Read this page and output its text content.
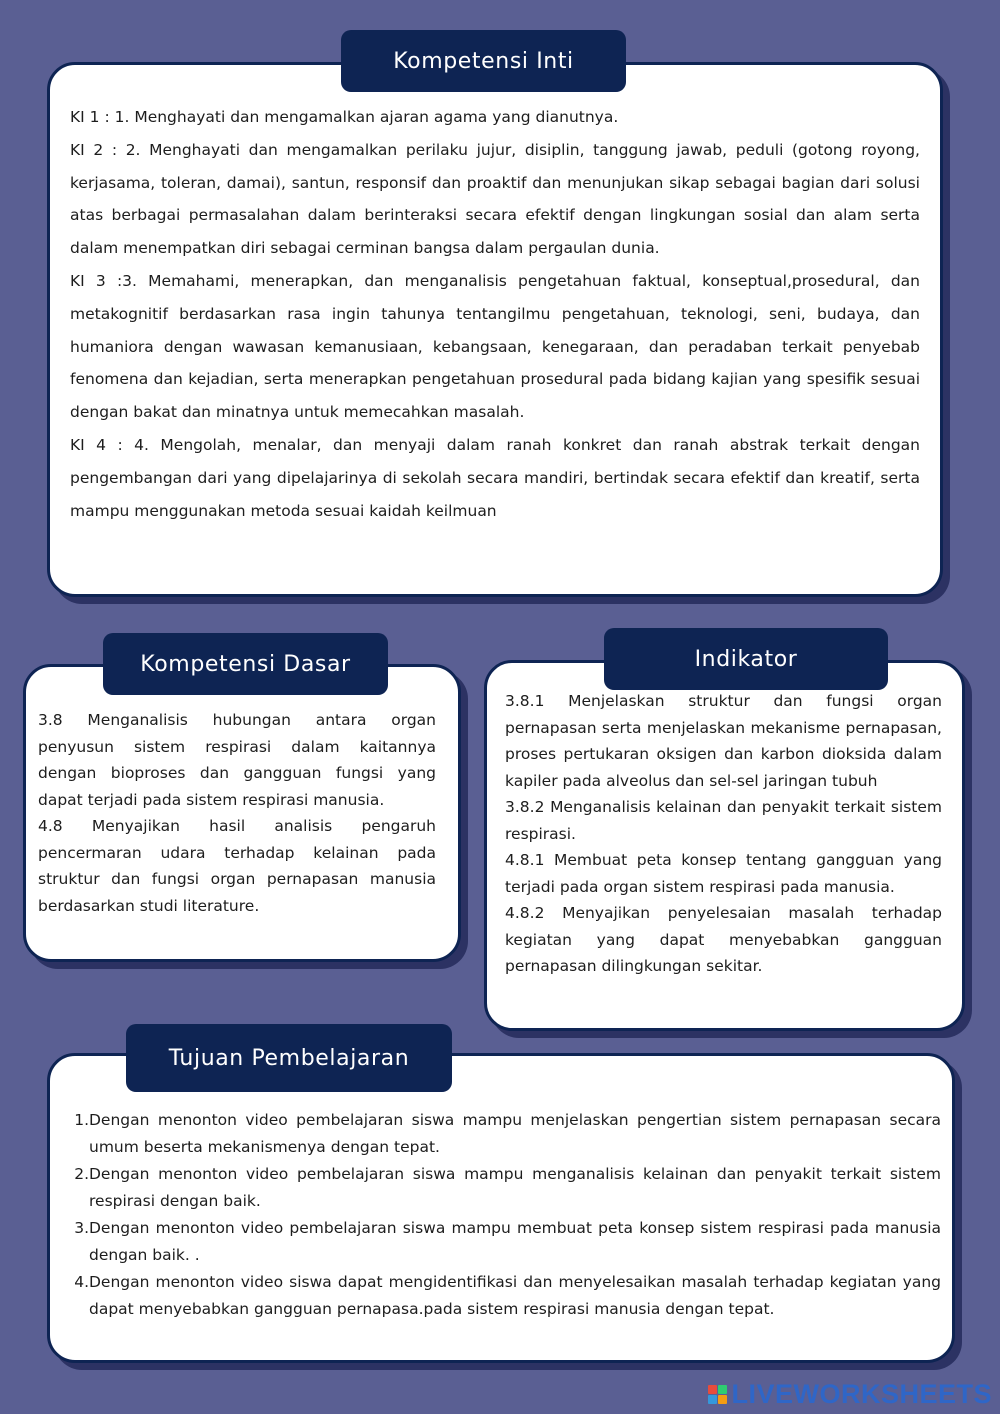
Kompetensi Inti

KI 1 : 1. Menghayati dan mengamalkan ajaran agama yang dianutnya.

KI 2 : 2. Menghayati dan mengamalkan perilaku jujur, disiplin, tanggung jawab, peduli (gotong royong, kerjasama, toleran, damai), santun, responsif dan proaktif dan menunjukan sikap sebagai bagian dari solusi atas berbagai permasalahan dalam berinteraksi secara efektif dengan lingkungan sosial dan alam serta dalam menempatkan diri sebagai cerminan bangsa dalam pergaulan dunia.

KI 3 :3. Memahami, menerapkan, dan menganalisis pengetahuan faktual, konseptual,prosedural, dan metakognitif berdasarkan rasa ingin tahunya tentangilmu pengetahuan, teknologi, seni, budaya, dan humaniora dengan wawasan kemanusiaan, kebangsaan, kenegaraan, dan peradaban terkait penyebab fenomena dan kejadian, serta menerapkan pengetahuan prosedural pada bidang kajian yang spesifik sesuai dengan bakat dan minatnya untuk memecahkan masalah.

KI 4 : 4. Mengolah, menalar, dan menyaji dalam ranah konkret dan ranah abstrak terkait dengan pengembangan dari yang dipelajarinya di sekolah secara mandiri, bertindak secara efektif dan kreatif, serta mampu menggunakan metoda sesuai kaidah keilmuan

Kompetensi Dasar

3.8 Menganalisis hubungan antara organ penyusun sistem respirasi dalam kaitannya dengan bioproses dan gangguan fungsi yang dapat terjadi pada sistem respirasi manusia.

4.8 Menyajikan hasil analisis pengaruh pencermaran udara terhadap kelainan pada struktur dan fungsi organ pernapasan manusia berdasarkan studi literature.

Indikator

3.8.1 Menjelaskan struktur dan fungsi organ pernapasan serta menjelaskan mekanisme pernapasan, proses pertukaran oksigen dan karbon dioksida dalam kapiler pada alveolus dan sel-sel jaringan tubuh

3.8.2 Menganalisis kelainan dan penyakit terkait sistem respirasi.

4.8.1 Membuat peta konsep tentang gangguan yang terjadi pada organ sistem respirasi pada manusia.

4.8.2 Menyajikan penyelesaian masalah terhadap kegiatan yang dapat menyebabkan gangguan pernapasan dilingkungan sekitar.

Tujuan Pembelajaran
1. Dengan menonton video pembelajaran siswa mampu menjelaskan pengertian sistem pernapasan secara umum beserta mekanismenya dengan tepat.
2. Dengan menonton video pembelajaran siswa mampu menganalisis kelainan dan penyakit terkait sistem respirasi dengan baik.
3. Dengan menonton video pembelajaran siswa mampu membuat peta konsep sistem respirasi pada manusia dengan baik. .
4. Dengan menonton video siswa dapat mengidentifikasi dan menyelesaikan masalah terhadap kegiatan yang dapat menyebabkan gangguan pernapasa.pada sistem respirasi manusia dengan tepat.
LIVEWORKSHEETS
